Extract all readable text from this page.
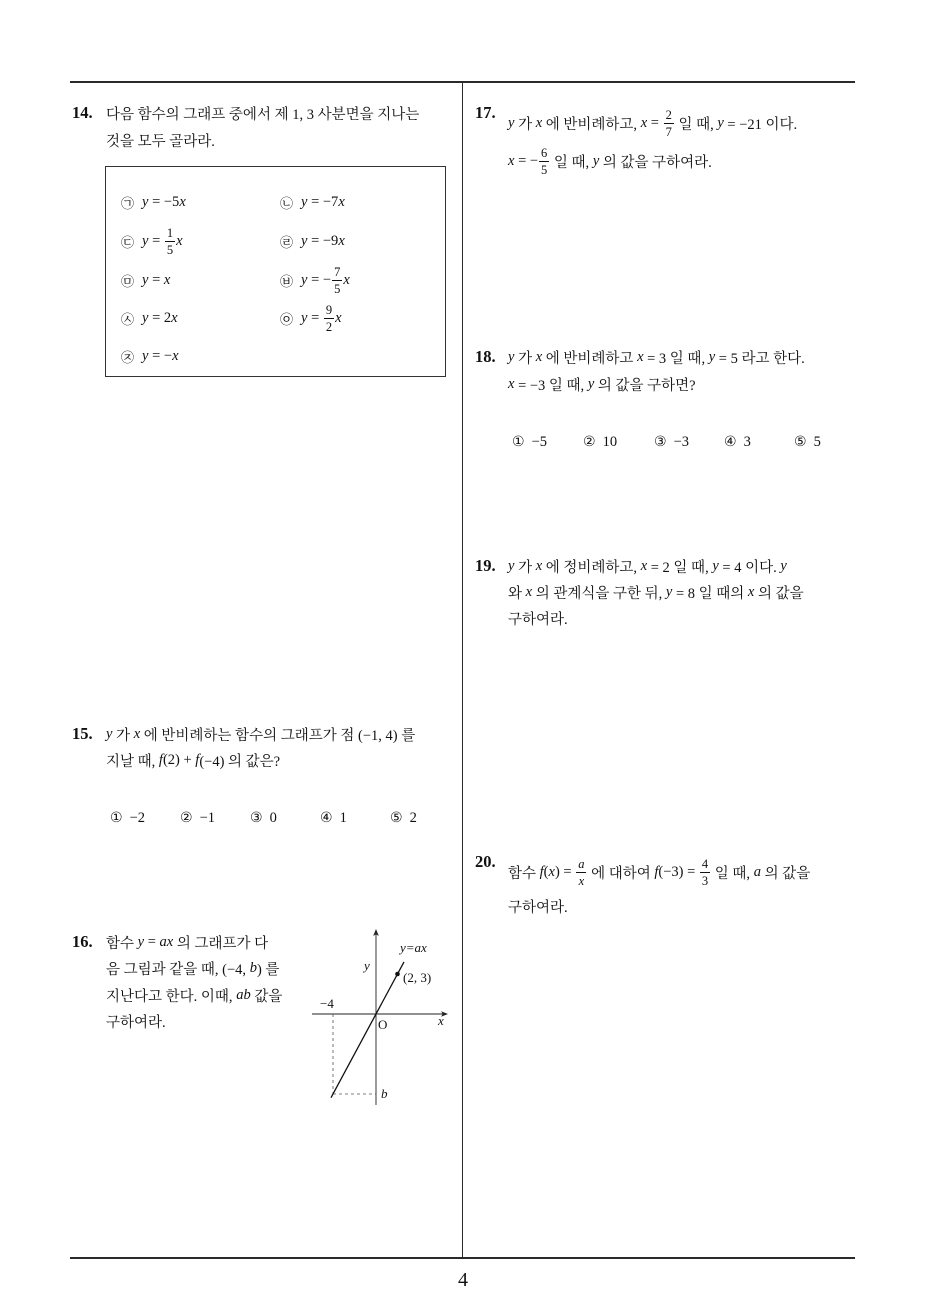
14. 다음 함수의 그래프 중에서 제 1, 3 사분면을 지나는
것을 모두 골라라.
㉠ y = −5 x	㉡ y = −7 x
㉢ $y = \frac{1}{5}$ x	㉣ y = −9 x
㉤ y = x	㉥ y = − $\frac{7}{5}$ x
㉦ y = 2 x	㉧ $y = \frac{9}{2}$ x
㉨ y = − x
15. y 가 x 에 반비례하는 함수의 그래프가 점 (−1, 4) 를
지날 때, f (2) + f (−4) 의 값은?
① −2	② −1	③ 0	④ 1	⑤ 2
16. 함수 y = ax 의 그래프가 다
음 그림과 같을 때, (−4, b ) 를
지난다고 한다. 이때, ab 값을
구하여라.
y=ax
y
(2, 3)
−4
O	x
b
17.
y 가 x 에 반비례하고, $x = \frac{2}{7}$ 일 때, y = −21 이다.
x = − $\frac{6}{5}$ 일 때, y 의 값을 구하여라.
18. y 가 x 에 반비례하고 x = 3 일 때, y = 5 라고 한다.
x = −3 일 때, y 의 값을 구하면?
① −5	② 10	③ −3	④ 3	⑤ 5
19. y 가 x 에 정비례하고, x = 2 일 때, y = 4 이다. y
와 x 의 관계식을 구한 뒤, y = 8 일 때의 x 의 값을
구하여라.
20.
함수 f ( x ) = $\frac{a}{x}$ 에 대하여 f $(-3) = \frac{4}{3}$ 일 때, a 의 값을
구하여라.
4
